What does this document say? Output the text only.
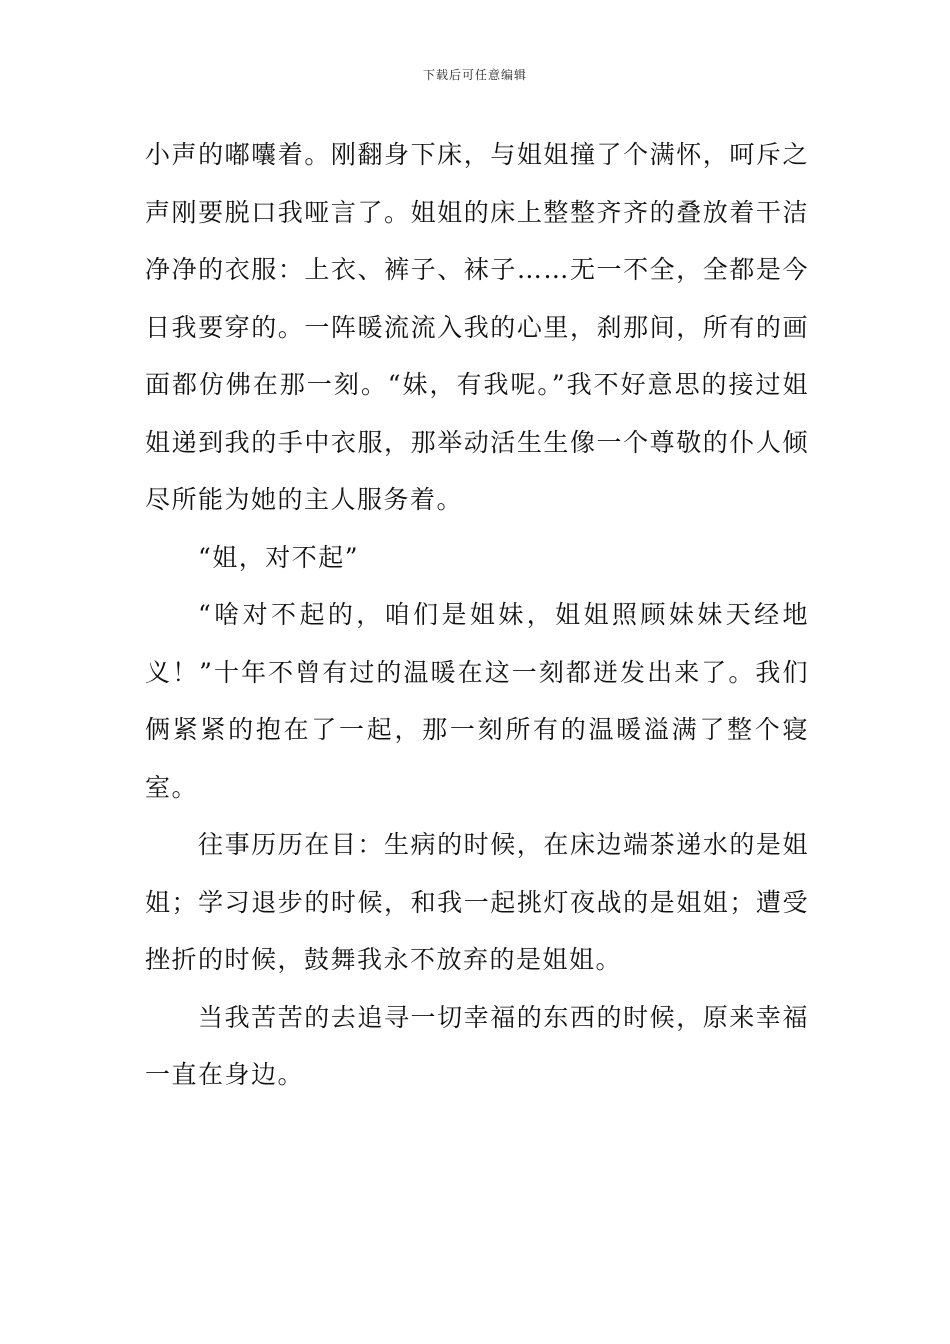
下载后可任意编辑

小声的嘟囔着。刚翻身下床，与姐姐撞了个满怀，呵斥之声刚要脱口我哑言了。姐姐的床上整整齐齐的叠放着干洁净净的衣服：上衣、裤子、袜子……无一不全，全都是今日我要穿的。一阵暖流流入我的心里，刹那间，所有的画面都仿佛在那一刻。“妹，有我呢。”我不好意思的接过姐姐递到我的手中衣服，那举动活生生像一个尊敬的仆人倾尽所能为她的主人服务着。

“姐，对不起”

“啥对不起的，咱们是姐妹，姐姐照顾妹妹天经地义！”十年不曾有过的温暖在这一刻都迸发出来了。我们俩紧紧的抱在了一起，那一刻所有的温暖溢满了整个寝室。

往事历历在目：生病的时候，在床边端茶递水的是姐姐；学习退步的时候，和我一起挑灯夜战的是姐姐；遭受挫折的时候，鼓舞我永不放弃的是姐姐。

当我苦苦的去追寻一切幸福的东西的时候，原来幸福一直在身边。
